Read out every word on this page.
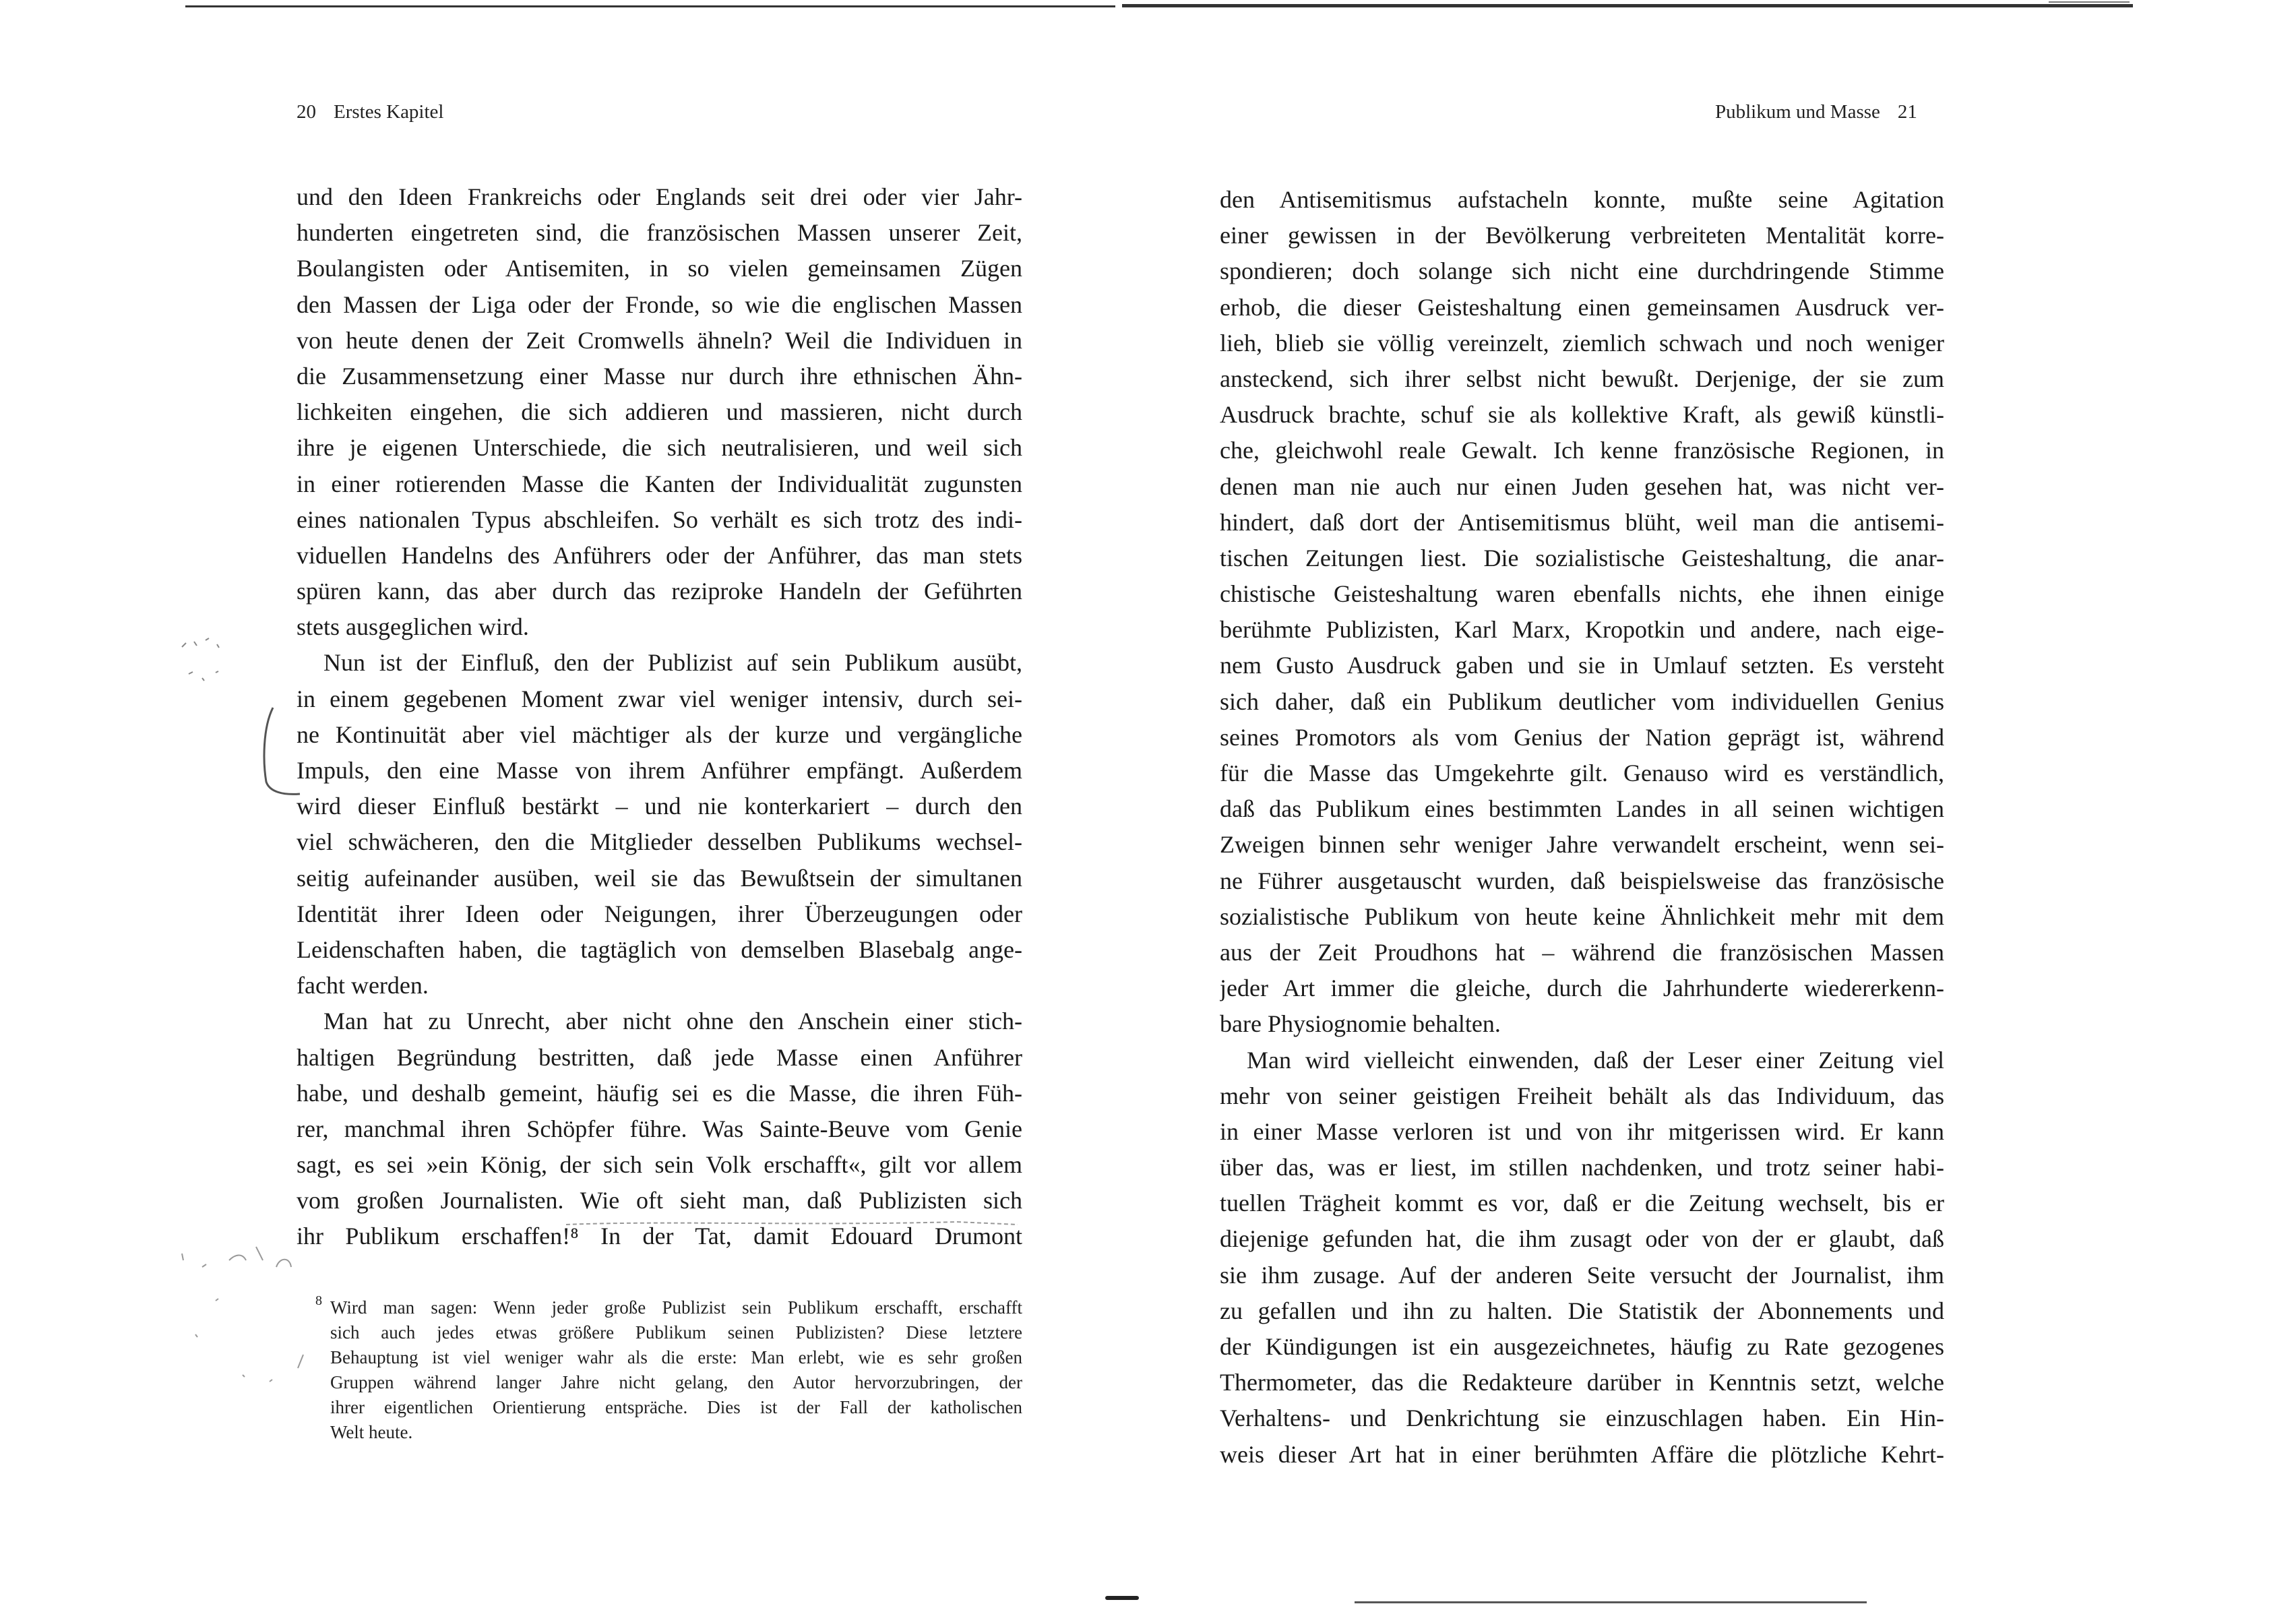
20 Erstes Kapitel
und den Ideen Frankreichs oder Englands seit drei oder vier Jahr-
hunderten eingetreten sind, die französischen Massen unserer Zeit,
Boulangisten oder Antisemiten, in so vielen gemeinsamen Zügen
den Massen der Liga oder der Fronde, so wie die englischen Massen
von heute denen der Zeit Cromwells ähneln? Weil die Individuen in
die Zusammensetzung einer Masse nur durch ihre ethnischen Ähn-
lichkeiten eingehen, die sich addieren und massieren, nicht durch
ihre je eigenen Unterschiede, die sich neutralisieren, und weil sich
in einer rotierenden Masse die Kanten der Individualität zugunsten
eines nationalen Typus abschleifen. So verhält es sich trotz des indi-
viduellen Handelns des Anführers oder der Anführer, das man stets
spüren kann, das aber durch das reziproke Handeln der Geführten
stets ausgeglichen wird.
Nun ist der Einfluß, den der Publizist auf sein Publikum ausübt,
in einem gegebenen Moment zwar viel weniger intensiv, durch sei-
ne Kontinuität aber viel mächtiger als der kurze und vergängliche
Impuls, den eine Masse von ihrem Anführer empfängt. Außerdem
wird dieser Einfluß bestärkt – und nie konterkariert – durch den
viel schwächeren, den die Mitglieder desselben Publikums wechsel-
seitig aufeinander ausüben, weil sie das Bewußtsein der simultanen
Identität ihrer Ideen oder Neigungen, ihrer Überzeugungen oder
Leidenschaften haben, die tagtäglich von demselben Blasebalg ange-
facht werden.
Man hat zu Unrecht, aber nicht ohne den Anschein einer stich-
haltigen Begründung bestritten, daß jede Masse einen Anführer
habe, und deshalb gemeint, häufig sei es die Masse, die ihren Füh-
rer, manchmal ihren Schöpfer führe. Was Sainte-Beuve vom Genie
sagt, es sei »ein König, der sich sein Volk erschafft«, gilt vor allem
vom großen Journalisten. Wie oft sieht man, daß Publizisten sich
ihr Publikum erschaffen!⁸ In der Tat, damit Edouard Drumont
8 Wird man sagen: Wenn jeder große Publizist sein Publikum erschafft, erschafft
sich auch jedes etwas größere Publikum seinen Publizisten? Diese letztere
Behauptung ist viel weniger wahr als die erste: Man erlebt, wie es sehr großen
Gruppen während langer Jahre nicht gelang, den Autor hervorzubringen, der
ihrer eigentlichen Orientierung entspräche. Dies ist der Fall der katholischen
Welt heute.
Publikum und Masse 21
den Antisemitismus aufstacheln konnte, mußte seine Agitation
einer gewissen in der Bevölkerung verbreiteten Mentalität korre-
spondieren; doch solange sich nicht eine durchdringende Stimme
erhob, die dieser Geisteshaltung einen gemeinsamen Ausdruck ver-
lieh, blieb sie völlig vereinzelt, ziemlich schwach und noch weniger
ansteckend, sich ihrer selbst nicht bewußt. Derjenige, der sie zum
Ausdruck brachte, schuf sie als kollektive Kraft, als gewiß künstli-
che, gleichwohl reale Gewalt. Ich kenne französische Regionen, in
denen man nie auch nur einen Juden gesehen hat, was nicht ver-
hindert, daß dort der Antisemitismus blüht, weil man die antisemi-
tischen Zeitungen liest. Die sozialistische Geisteshaltung, die anar-
chistische Geisteshaltung waren ebenfalls nichts, ehe ihnen einige
berühmte Publizisten, Karl Marx, Kropotkin und andere, nach eige-
nem Gusto Ausdruck gaben und sie in Umlauf setzten. Es versteht
sich daher, daß ein Publikum deutlicher vom individuellen Genius
seines Promotors als vom Genius der Nation geprägt ist, während
für die Masse das Umgekehrte gilt. Genauso wird es verständlich,
daß das Publikum eines bestimmten Landes in all seinen wichtigen
Zweigen binnen sehr weniger Jahre verwandelt erscheint, wenn sei-
ne Führer ausgetauscht wurden, daß beispielsweise das französische
sozialistische Publikum von heute keine Ähnlichkeit mehr mit dem
aus der Zeit Proudhons hat – während die französischen Massen
jeder Art immer die gleiche, durch die Jahrhunderte wiedererkenn-
bare Physiognomie behalten.
Man wird vielleicht einwenden, daß der Leser einer Zeitung viel
mehr von seiner geistigen Freiheit behält als das Individuum, das
in einer Masse verloren ist und von ihr mitgerissen wird. Er kann
über das, was er liest, im stillen nachdenken, und trotz seiner habi-
tuellen Trägheit kommt es vor, daß er die Zeitung wechselt, bis er
diejenige gefunden hat, die ihm zusagt oder von der er glaubt, daß
sie ihm zusage. Auf der anderen Seite versucht der Journalist, ihm
zu gefallen und ihn zu halten. Die Statistik der Abonnements und
der Kündigungen ist ein ausgezeichnetes, häufig zu Rate gezogenes
Thermometer, das die Redakteure darüber in Kenntnis setzt, welche
Verhaltens- und Denkrichtung sie einzuschlagen haben. Ein Hin-
weis dieser Art hat in einer berühmten Affäre die plötzliche Kehrt-
